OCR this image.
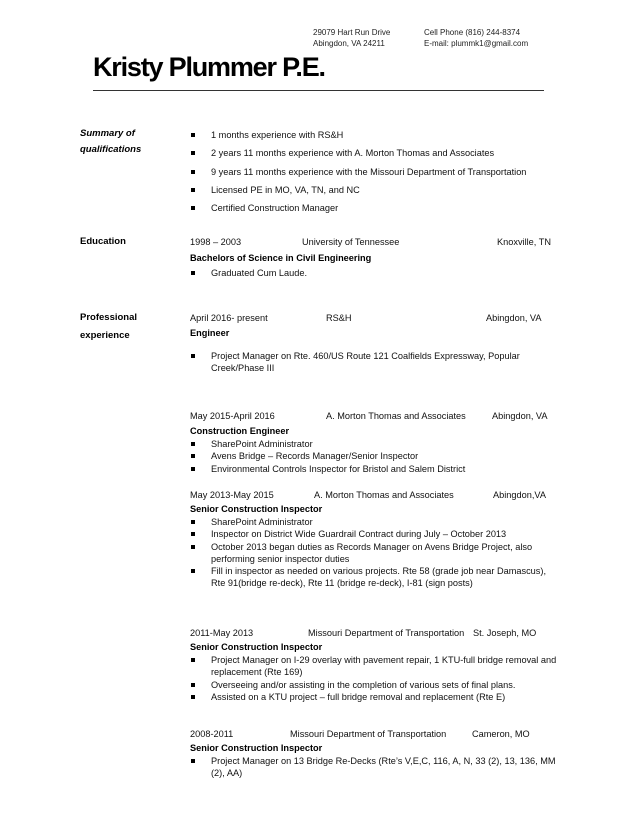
29079 Hart Run Drive
Abingdon, VA 24211
Cell Phone (816) 244-8374
E-mail: plummk1@gmail.com
Kristy Plummer P.E.
Summary of
qualifications
1 months experience with RS&H
2 years 11 months experience with A. Morton Thomas and Associates
9 years 11 months experience with the Missouri Department of Transportation
Licensed PE in MO, VA, TN, and NC
Certified Construction Manager
Education	1998 – 2003	University of Tennessee	Knoxville, TN
Bachelors of Science in Civil Engineering
Graduated Cum Laude.
Professional
experience
April 2016- present	RS&H	Abingdon, VA
Engineer
Project Manager on Rte. 460/US Route 121 Coalfields Expressway, Popular Creek/Phase III
May 2015-April 2016	A. Morton Thomas and Associates	Abingdon, VA
Construction Engineer
SharePoint Administrator
Avens Bridge – Records Manager/Senior Inspector
Environmental Controls Inspector for Bristol and Salem District
May 2013-May 2015	A. Morton Thomas and Associates	Abingdon,VA
Senior Construction Inspector
SharePoint Administrator
Inspector on District Wide Guardrail Contract during July – October 2013
October 2013 began duties as Records Manager on Avens Bridge Project, also performing senior inspector duties
Fill in inspector as needed on various projects. Rte 58 (grade job near Damascus), Rte 91(bridge re-deck), Rte 11 (bridge re-deck), I-81 (sign posts)
2011-May 2013	Missouri Department of Transportation St. Joseph, MO
Senior Construction Inspector
Project Manager on I-29 overlay with pavement repair, 1 KTU-full bridge removal and replacement (Rte 169)
Overseeing and/or assisting in the completion of various sets of final plans.
Assisted on a KTU project – full bridge removal and replacement (Rte E)
2008-2011	Missouri Department of Transportation	Cameron, MO
Senior Construction Inspector
Project Manager on 13 Bridge Re-Decks (Rte’s V,E,C, 116, A, N, 33 (2), 13, 136, MM (2), AA)
